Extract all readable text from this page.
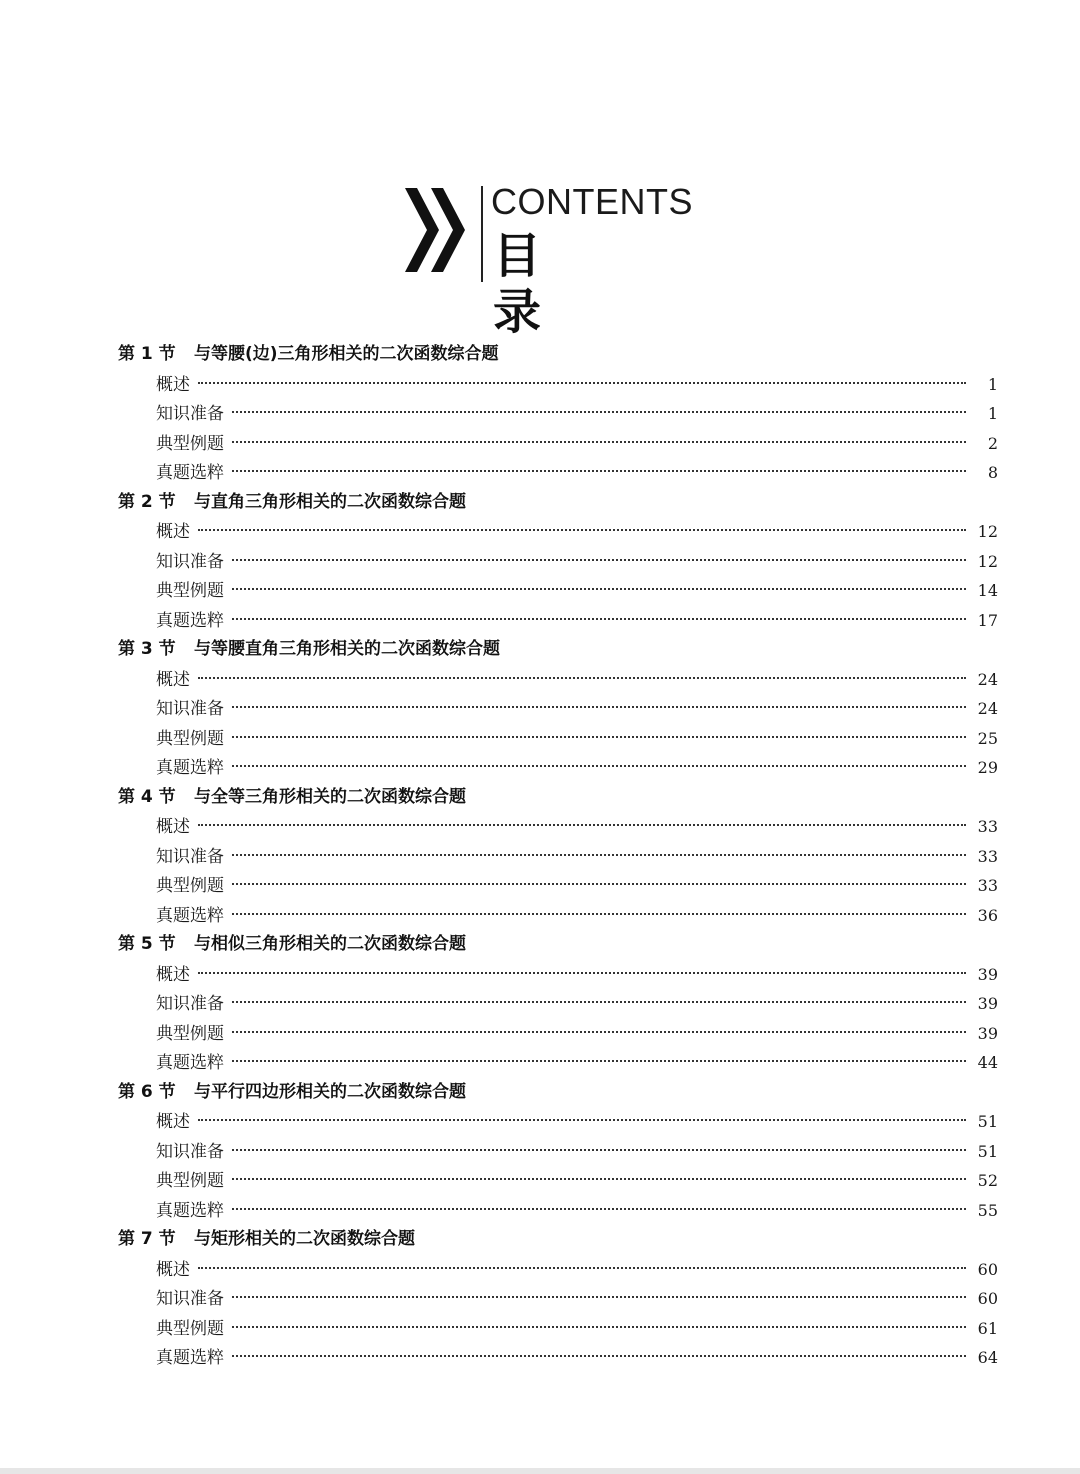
CONTENTS
目　录
第 1 节 与等腰(边)三角形相关的二次函数综合题
概述	1
知识准备	1
典型例题	2
真题选粹	8
第 2 节 与直角三角形相关的二次函数综合题
概述	12
知识准备	12
典型例题	14
真题选粹	17
第 3 节 与等腰直角三角形相关的二次函数综合题
概述	24
知识准备	24
典型例题	25
真题选粹	29
第 4 节 与全等三角形相关的二次函数综合题
概述	33
知识准备	33
典型例题	33
真题选粹	36
第 5 节 与相似三角形相关的二次函数综合题
概述	39
知识准备	39
典型例题	39
真题选粹	44
第 6 节 与平行四边形相关的二次函数综合题
概述	51
知识准备	51
典型例题	52
真题选粹	55
第 7 节 与矩形相关的二次函数综合题
概述	60
知识准备	60
典型例题	61
真题选粹	64
